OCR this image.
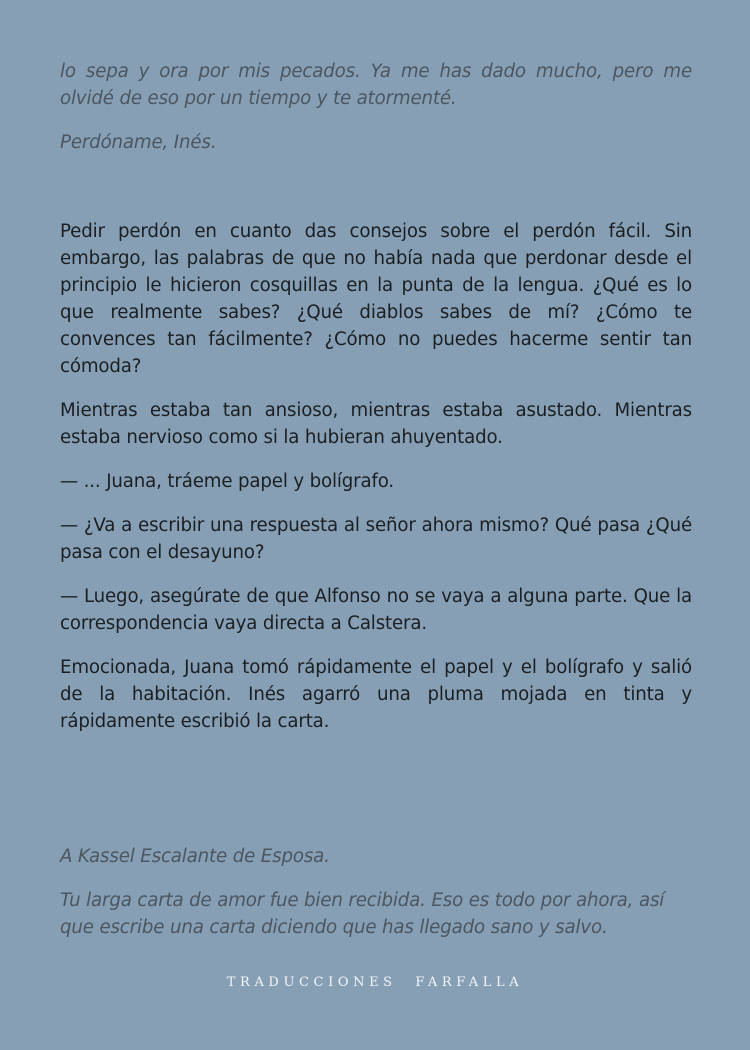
lo sepa y ora por mis pecados. Ya me has dado mucho, pero me olvidé de eso por un tiempo y te atormenté.

Perdóname, Inés.

Pedir perdón en cuanto das consejos sobre el perdón fácil. Sin embargo, las palabras de que no había nada que perdonar desde el principio le hicieron cosquillas en la punta de la lengua. ¿Qué es lo que realmente sabes? ¿Qué diablos sabes de mí? ¿Cómo te convences tan fácilmente? ¿Cómo no puedes hacerme sentir tan cómoda?

Mientras estaba tan ansioso, mientras estaba asustado. Mientras estaba nervioso como si la hubieran ahuyentado.

— ... Juana, tráeme papel y bolígrafo.

— ¿Va a escribir una respuesta al señor ahora mismo? Qué pasa ¿Qué pasa con el desayuno?

— Luego, asegúrate de que Alfonso no se vaya a alguna parte. Que la correspondencia vaya directa a Calstera.

Emocionada, Juana tomó rápidamente el papel y el bolígrafo y salió de la habitación. Inés agarró una pluma mojada en tinta y rápidamente escribió la carta.

A Kassel Escalante de Esposa.

Tu larga carta de amor fue bien recibida. Eso es todo por ahora, así que escribe una carta diciendo que has llegado sano y salvo.

TRADUCCIONES FARFALLA
